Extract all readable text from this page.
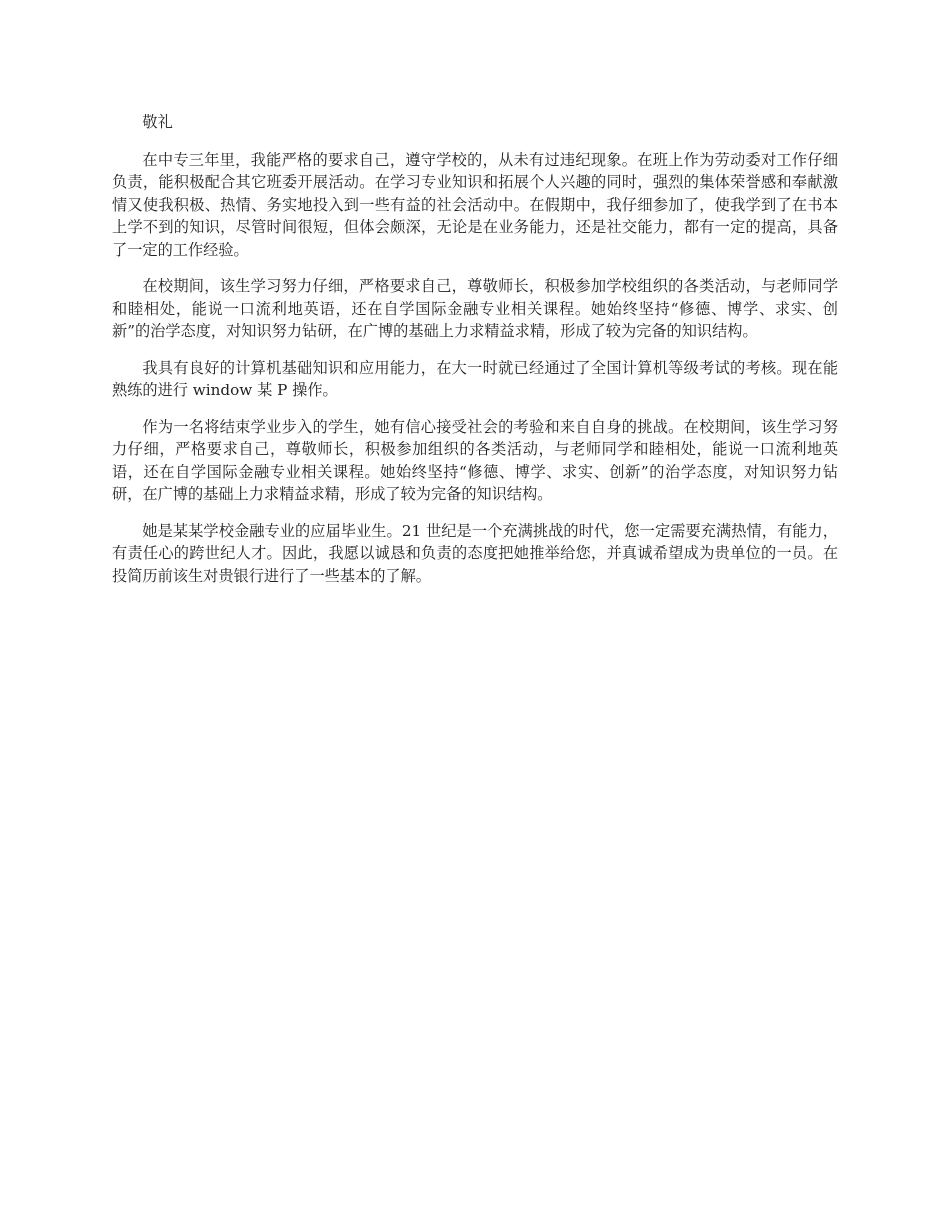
敬礼

在中专三年里，我能严格的要求自己，遵守学校的，从未有过违纪现象。在班上作为劳动委对工作仔细负责，能积极配合其它班委开展活动。在学习专业知识和拓展个人兴趣的同时，强烈的集体荣誉感和奉献激情又使我积极、热情、务实地投入到一些有益的社会活动中。在假期中，我仔细参加了，使我学到了在书本上学不到的知识，尽管时间很短，但体会颇深，无论是在业务能力，还是社交能力，都有一定的提高，具备了一定的工作经验。

在校期间，该生学习努力仔细，严格要求自己，尊敬师长，积极参加学校组织的各类活动，与老师同学和睦相处，能说一口流利地英语，还在自学国际金融专业相关课程。她始终坚持“修德、博学、求实、创新”的治学态度，对知识努力钻研，在广博的基础上力求精益求精，形成了较为完备的知识结构。

我具有良好的计算机基础知识和应用能力，在大一时就已经通过了全国计算机等级考试的考核。现在能熟练的进行 window 某 P 操作。

作为一名将结束学业步入的学生，她有信心接受社会的考验和来自自身的挑战。在校期间，该生学习努力仔细，严格要求自己，尊敬师长，积极参加组织的各类活动，与老师同学和睦相处，能说一口流利地英语，还在自学国际金融专业相关课程。她始终坚持“修德、博学、求实、创新”的治学态度，对知识努力钻研，在广博的基础上力求精益求精，形成了较为完备的知识结构。

她是某某学校金融专业的应届毕业生。21 世纪是一个充满挑战的时代，您一定需要充满热情，有能力，有责任心的跨世纪人才。因此，我愿以诚恳和负责的态度把她推举给您，并真诚希望成为贵单位的一员。在投简历前该生对贵银行进行了一些基本的了解。
